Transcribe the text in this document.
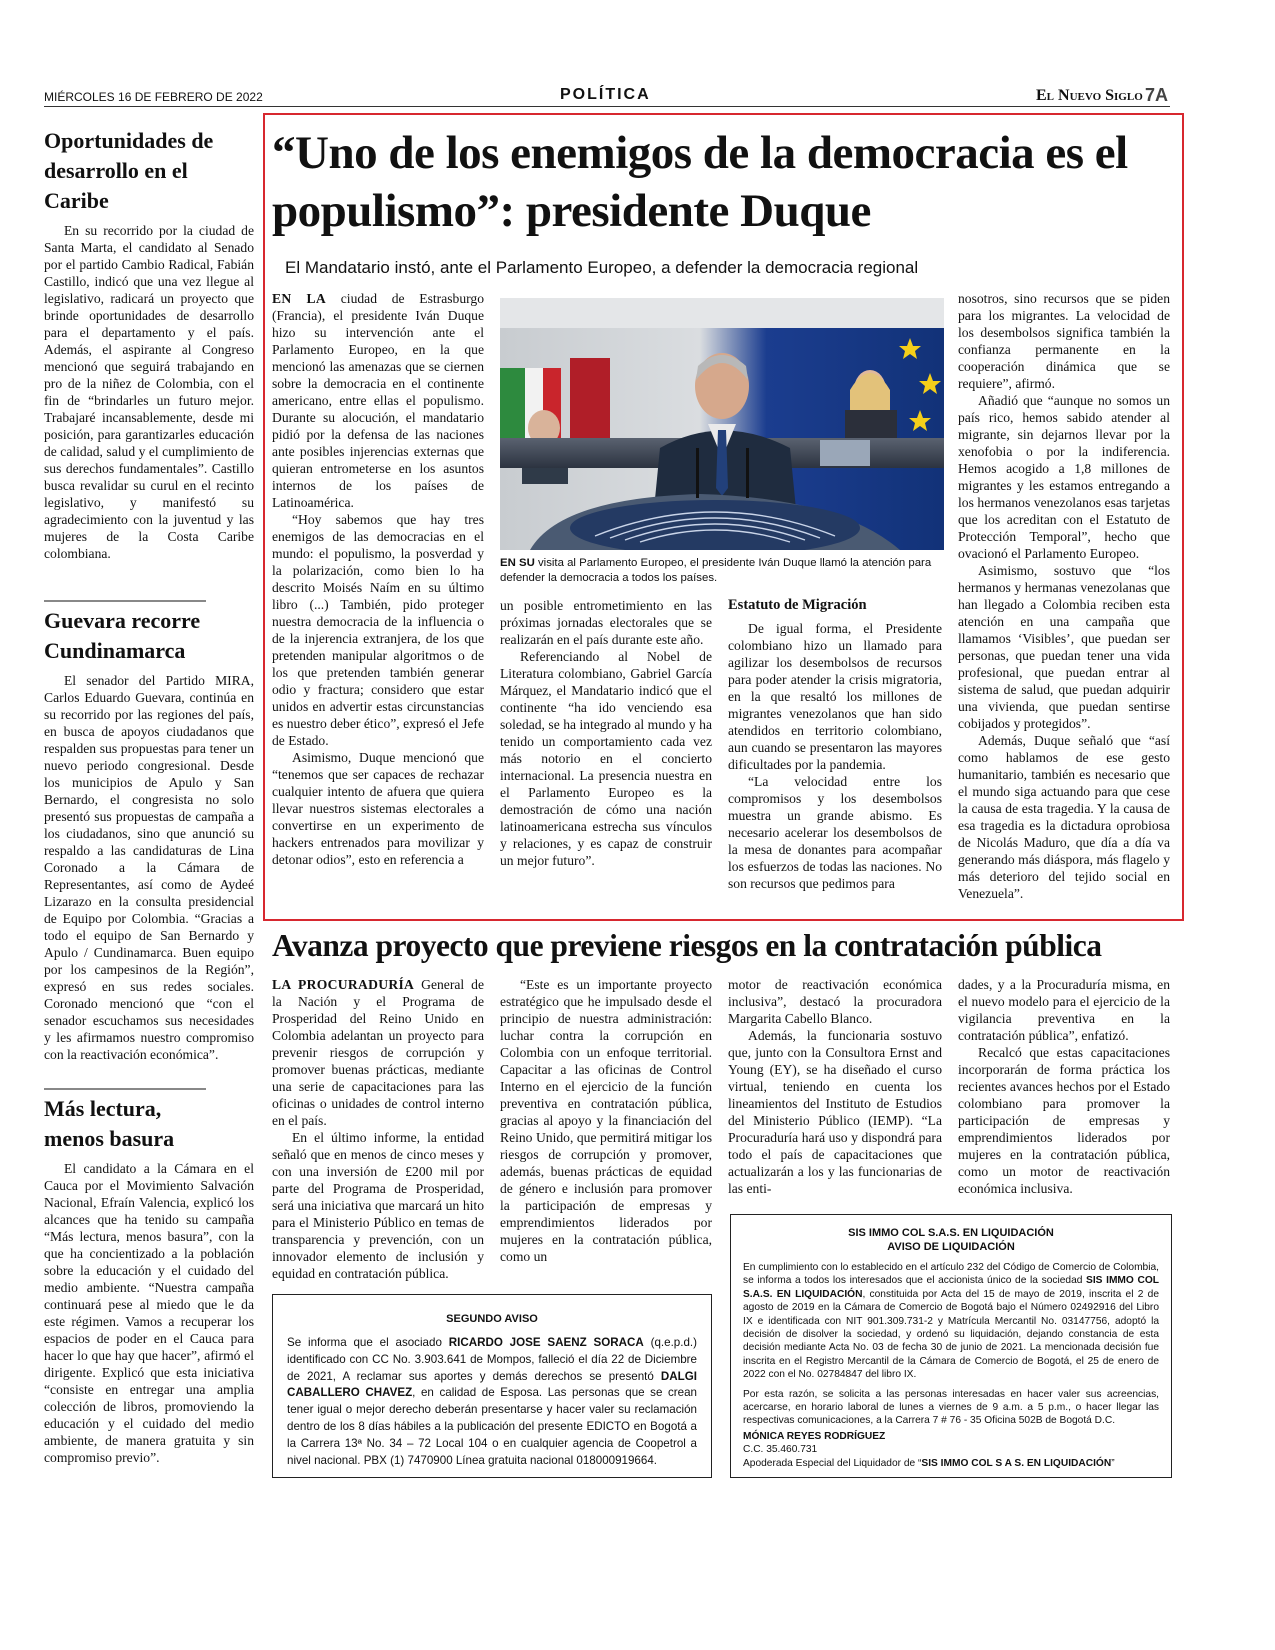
MIÉRCOLES 16 DE FEBRERO DE 2022	POLÍTICA	El Nuevo Siglo 7A
Oportunidades de desarrollo en el Caribe

En su recorrido por la ciudad de Santa Marta, el candidato al Senado por el partido Cambio Radical, Fabián Castillo, indicó que una vez llegue al legislativo, radicará un proyecto que brinde oportunidades de desarrollo para el departamento y el país. Además, el aspirante al Congreso mencionó que seguirá trabajando en pro de la niñez de Colombia, con el fin de “brindarles un futuro mejor. Trabajaré incansablemente, desde mi posición, para garantizarles educación de calidad, salud y el cumplimiento de sus derechos fundamentales”. Castillo busca revalidar su curul en el recinto legislativo, y manifestó su agradecimiento con la juventud y las mujeres de la Costa Caribe colombiana.

Guevara recorre Cundinamarca

El senador del Partido MIRA, Carlos Eduardo Guevara, continúa en su recorrido por las regiones del país, en busca de apoyos ciudadanos que respalden sus propuestas para tener un nuevo periodo congresional. Desde los municipios de Apulo y San Bernardo, el congresista no solo presentó sus propuestas de campaña a los ciudadanos, sino que anunció su respaldo a las candidaturas de Lina Coronado a la Cámara de Representantes, así como de Aydeé Lizarazo en la consulta presidencial de Equipo por Colombia. “Gracias a todo el equipo de San Bernardo y Apulo / Cundinamarca. Buen equipo por los campesinos de la Región”, expresó en sus redes sociales. Coronado mencionó que “con el senador escuchamos sus necesidades y les afirmamos nuestro compromiso con la reactivación económica”.

Más lectura, menos basura

El candidato a la Cámara en el Cauca por el Movimiento Salvación Nacional, Efraín Valencia, explicó los alcances que ha tenido su campaña “Más lectura, menos basura”, con la que ha concientizado a la población sobre la educación y el cuidado del medio ambiente. “Nuestra campaña continuará pese al miedo que le da este régimen. Vamos a recuperar los espacios de poder en el Cauca para hacer lo que hay que hacer”, afirmó el dirigente. Explicó que esta iniciativa “consiste en entregar una amplia colección de libros, promoviendo la educación y el cuidado del medio ambiente, de manera gratuita y sin compromiso previo”.

“Uno de los enemigos de la democracia es el populismo”: presidente Duque
El Mandatario instó, ante el Parlamento Europeo, a defender la democracia regional

EN LA ciudad de Estrasburgo (Francia), el presidente Iván Duque hizo su intervención ante el Parlamento Europeo, en la que mencionó las amenazas que se ciernen sobre la democracia en el continente americano, entre ellas el populismo. Durante su alocución, el mandatario pidió por la defensa de las naciones ante posibles injerencias externas que quieran entrometerse en los asuntos internos de los países de Latinoamérica.

“Hoy sabemos que hay tres enemigos de las democracias en el mundo: el populismo, la posverdad y la polarización, como bien lo ha descrito Moisés Naím en su último libro (...) También, pido proteger nuestra democracia de la influencia o de la injerencia extranjera, de los que pretenden manipular algoritmos o de los que pretenden también generar odio y fractura; considero que estar unidos en advertir estas circunstancias es nuestro deber ético”, expresó el Jefe de Estado.

Asimismo, Duque mencionó que “tenemos que ser capaces de rechazar cualquier intento de afuera que quiera llevar nuestros sistemas electorales a convertirse en un experimento de hackers entrenados para movilizar y detonar odios”, esto en referencia a

EN SU visita al Parlamento Europeo, el presidente Iván Duque llamó la atención para defender la democracia a todos los países.

un posible entrometimiento en las próximas jornadas electorales que se realizarán en el país durante este año.

Referenciando al Nobel de Literatura colombiano, Gabriel García Márquez, el Mandatario indicó que el continente “ha ido venciendo esa soledad, se ha integrado al mundo y ha tenido un comportamiento cada vez más notorio en el concierto internacional. La presencia nuestra en el Parlamento Europeo es la demostración de cómo una nación latinoamericana estrecha sus vínculos y relaciones, y es capaz de construir un mejor futuro”.

Estatuto de Migración

De igual forma, el Presidente colombiano hizo un llamado para agilizar los desembolsos de recursos para poder atender la crisis migratoria, en la que resaltó los millones de migrantes venezolanos que han sido atendidos en territorio colombiano, aun cuando se presentaron las mayores dificultades por la pandemia.

“La velocidad entre los compromisos y los desembolsos muestra un grande abismo. Es necesario acelerar los desembolsos de la mesa de donantes para acompañar los esfuerzos de todas las naciones. No son recursos que pedimos para

nosotros, sino recursos que se piden para los migrantes. La velocidad de los desembolsos significa también la confianza permanente en la cooperación dinámica que se requiere”, afirmó.

Añadió que “aunque no somos un país rico, hemos sabido atender al migrante, sin dejarnos llevar por la xenofobia o por la indiferencia. Hemos acogido a 1,8 millones de migrantes y les estamos entregando a los hermanos venezolanos esas tarjetas que los acreditan con el Estatuto de Protección Temporal”, hecho que ovacionó el Parlamento Europeo.

Asimismo, sostuvo que “los hermanos y hermanas venezolanas que han llegado a Colombia reciben esta atención en una campaña que llamamos ‘Visibles’, que puedan ser personas, que puedan tener una vida profesional, que puedan entrar al sistema de salud, que puedan adquirir una vivienda, que puedan sentirse cobijados y protegidos”.

Además, Duque señaló que “así como hablamos de ese gesto humanitario, también es necesario que el mundo siga actuando para que cese la causa de esta tragedia. Y la causa de esa tragedia es la dictadura oprobiosa de Nicolás Maduro, que día a día va generando más diáspora, más flagelo y más deterioro del tejido social en Venezuela”.

Avanza proyecto que previene riesgos en la contratación pública

LA PROCURADURÍA General de la Nación y el Programa de Prosperidad del Reino Unido en Colombia adelantan un proyecto para prevenir riesgos de corrupción y promover buenas prácticas, mediante una serie de capacitaciones para las oficinas o unidades de control interno en el país.

En el último informe, la entidad señaló que en menos de cinco meses y con una inversión de £200 mil por parte del Programa de Prosperidad, será una iniciativa que marcará un hito para el Ministerio Público en temas de transparencia y prevención, con un innovador elemento de inclusión y equidad en contratación pública.

“Este es un importante proyecto estratégico que he impulsado desde el principio de nuestra administración: luchar contra la corrupción en Colombia con un enfoque territorial. Capacitar a las oficinas de Control Interno en el ejercicio de la función preventiva en contratación pública, gracias al apoyo y la financiación del Reino Unido, que permitirá mitigar los riesgos de corrupción y promover, además, buenas prácticas de equidad de género e inclusión para promover la participación de empresas y emprendimientos liderados por mujeres en la contratación pública, como un

motor de reactivación económica inclusiva”, destacó la procuradora Margarita Cabello Blanco.

Además, la funcionaria sostuvo que, junto con la Consultora Ernst and Young (EY), se ha diseñado el curso virtual, teniendo en cuenta los lineamientos del Instituto de Estudios del Ministerio Público (IEMP). “La Procuraduría hará uso y dispondrá para todo el país de capacitaciones que actualizarán a los y las funcionarias de las enti-

dades, y a la Procuraduría misma, en el nuevo modelo para el ejercicio de la vigilancia preventiva en la contratación pública”, enfatizó.

Recalcó que estas capacitaciones incorporarán de forma práctica los recientes avances hechos por el Estado colombiano para promover la participación de empresas y emprendimientos liderados por mujeres en la contratación pública, como un motor de reactivación económica inclusiva.

SEGUNDO AVISO
Se informa que el asociado RICARDO JOSE SAENZ SORACA (q.e.p.d.) identificado con CC No. 3.903.641 de Mompos, falleció el día 22 de Diciembre de 2021, A reclamar sus aportes y demás derechos se presentó DALGI CABALLERO CHAVEZ, en calidad de Esposa. Las personas que se crean tener igual o mejor derecho deberán presentarse y hacer valer su reclamación dentro de los 8 días hábiles a la publicación del presente EDICTO en Bogotá a la Carrera 13ª No. 34 – 72 Local 104 o en cualquier agencia de Coopetrol a nivel nacional. PBX (1) 7470900 Línea gratuita nacional 018000919664.
SIS IMMO COL S.A.S. EN LIQUIDACIÓN
AVISO DE LIQUIDACIÓN
En cumplimiento con lo establecido en el artículo 232 del Código de Comercio de Colombia, se informa a todos los interesados que el accionista único de la sociedad SIS IMMO COL S.A.S. EN LIQUIDACIÓN, constituida por Acta del 15 de mayo de 2019, inscrita el 2 de agosto de 2019 en la Cámara de Comercio de Bogotá bajo el Número 02492916 del Libro IX e identificada con NIT 901.309.731-2 y Matrícula Mercantil No. 03147756, adoptó la decisión de disolver la sociedad, y ordenó su liquidación, dejando constancia de esta decisión mediante Acta No. 03 de fecha 30 de junio de 2021. La mencionada decisión fue inscrita en el Registro Mercantil de la Cámara de Comercio de Bogotá, el 25 de enero de 2022 con el No. 02784847 del libro IX.
Por esta razón, se solicita a las personas interesadas en hacer valer sus acreencias, acercarse, en horario laboral de lunes a viernes de 9 a.m. a 5 p.m., o hacer llegar las respectivas comunicaciones, a la Carrera 7 # 76 - 35 Oficina 502B de Bogotá D.C.
MÓNICA REYES RODRÍGUEZ
C.C. 35.460.731
Apoderada Especial del Liquidador de “SIS IMMO COL S A S. EN LIQUIDACIÓN”
